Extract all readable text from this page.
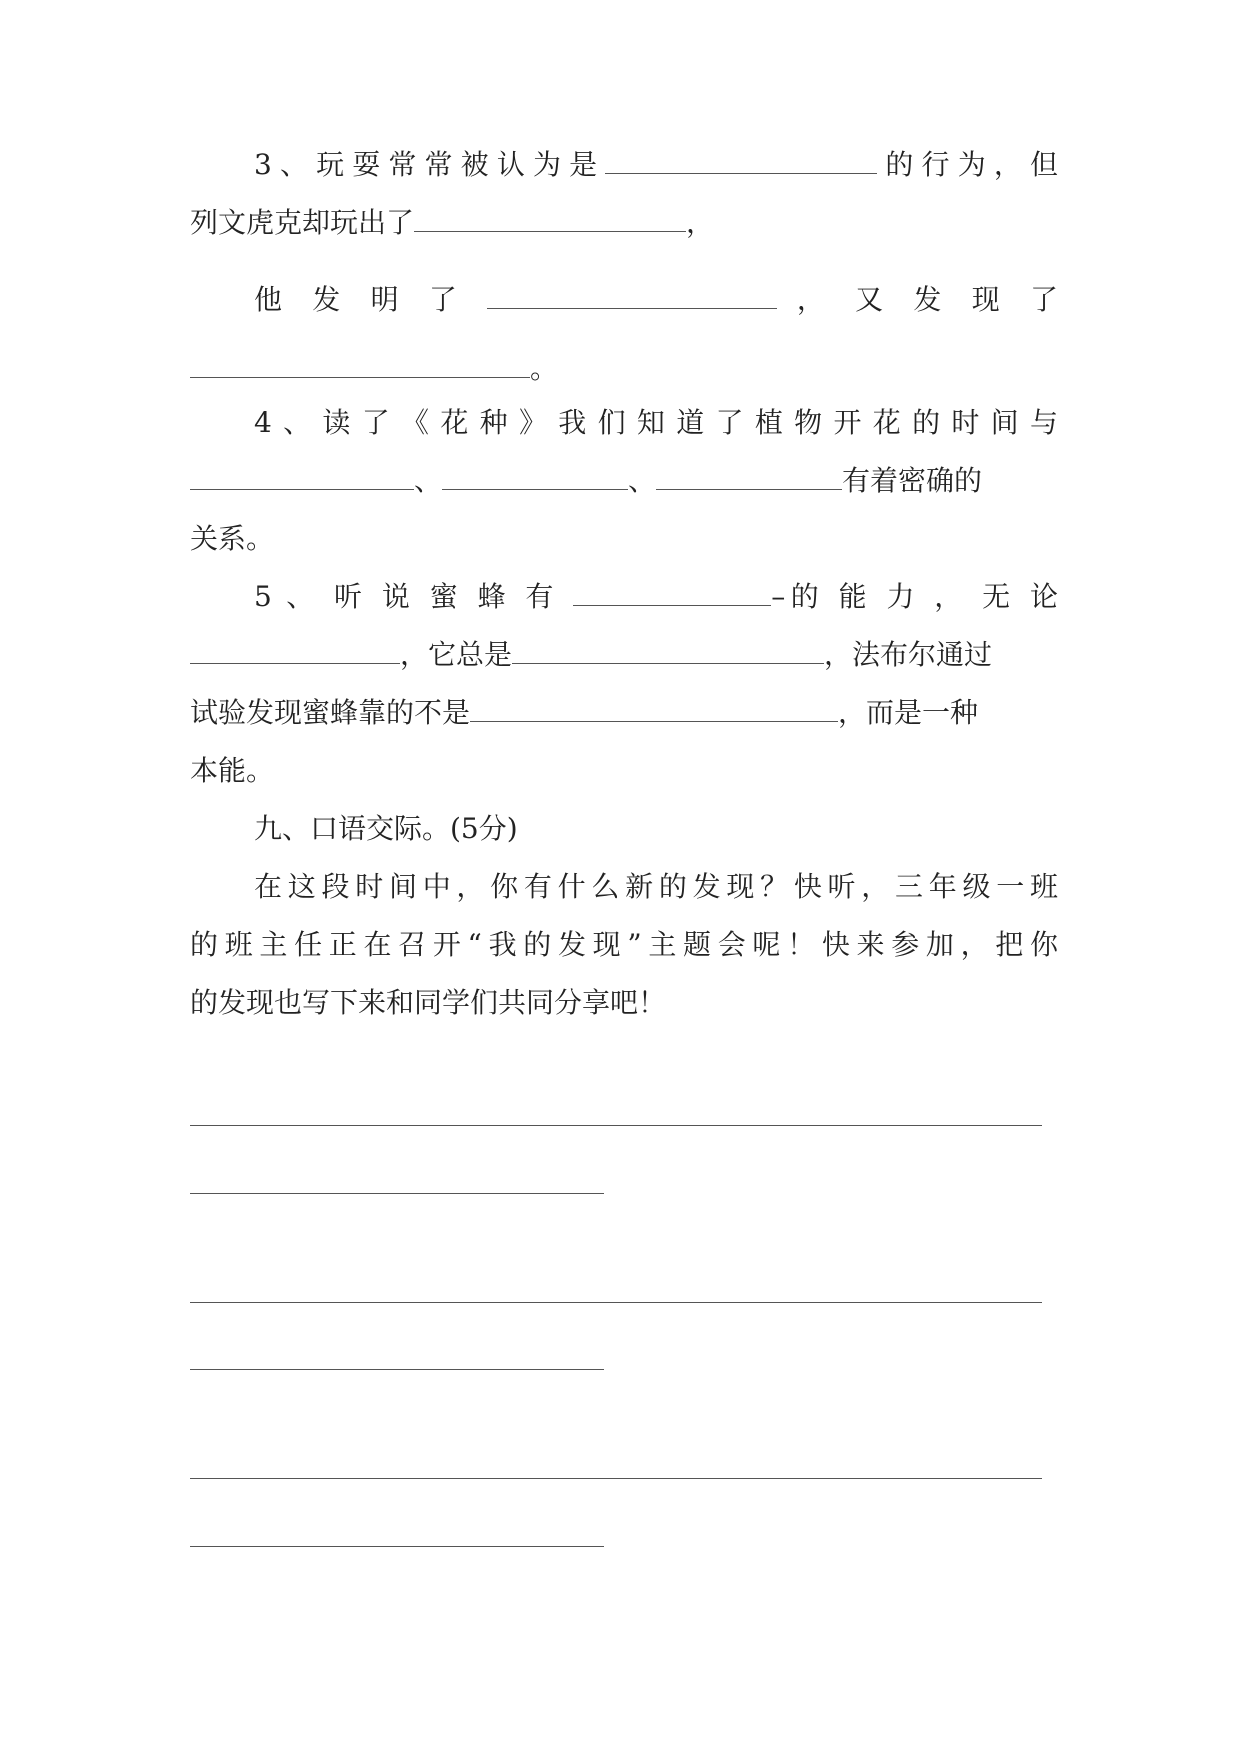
3、玩耍常常被认为是	的行为，但
列文虎克却玩出了	，
他 发 明 了	， 又 发 现 了
。
4、读了《花种》我们知道了植物开花的时间与
、	、	有着密确的
关系。
5 、 听 说 蜜 蜂 有	–的 能 力 ， 无 论
，它总是	，法布尔通过
试验发现蜜蜂靠的不是	，而是一种
本能。
九、口语交际。(5分)
在这段时间中，你有什么新的发现？快听，三年级一班
的班主任正在召开“我的发现”主题会呢！快来参加，把你
的发现也写下来和同学们共同分享吧！
